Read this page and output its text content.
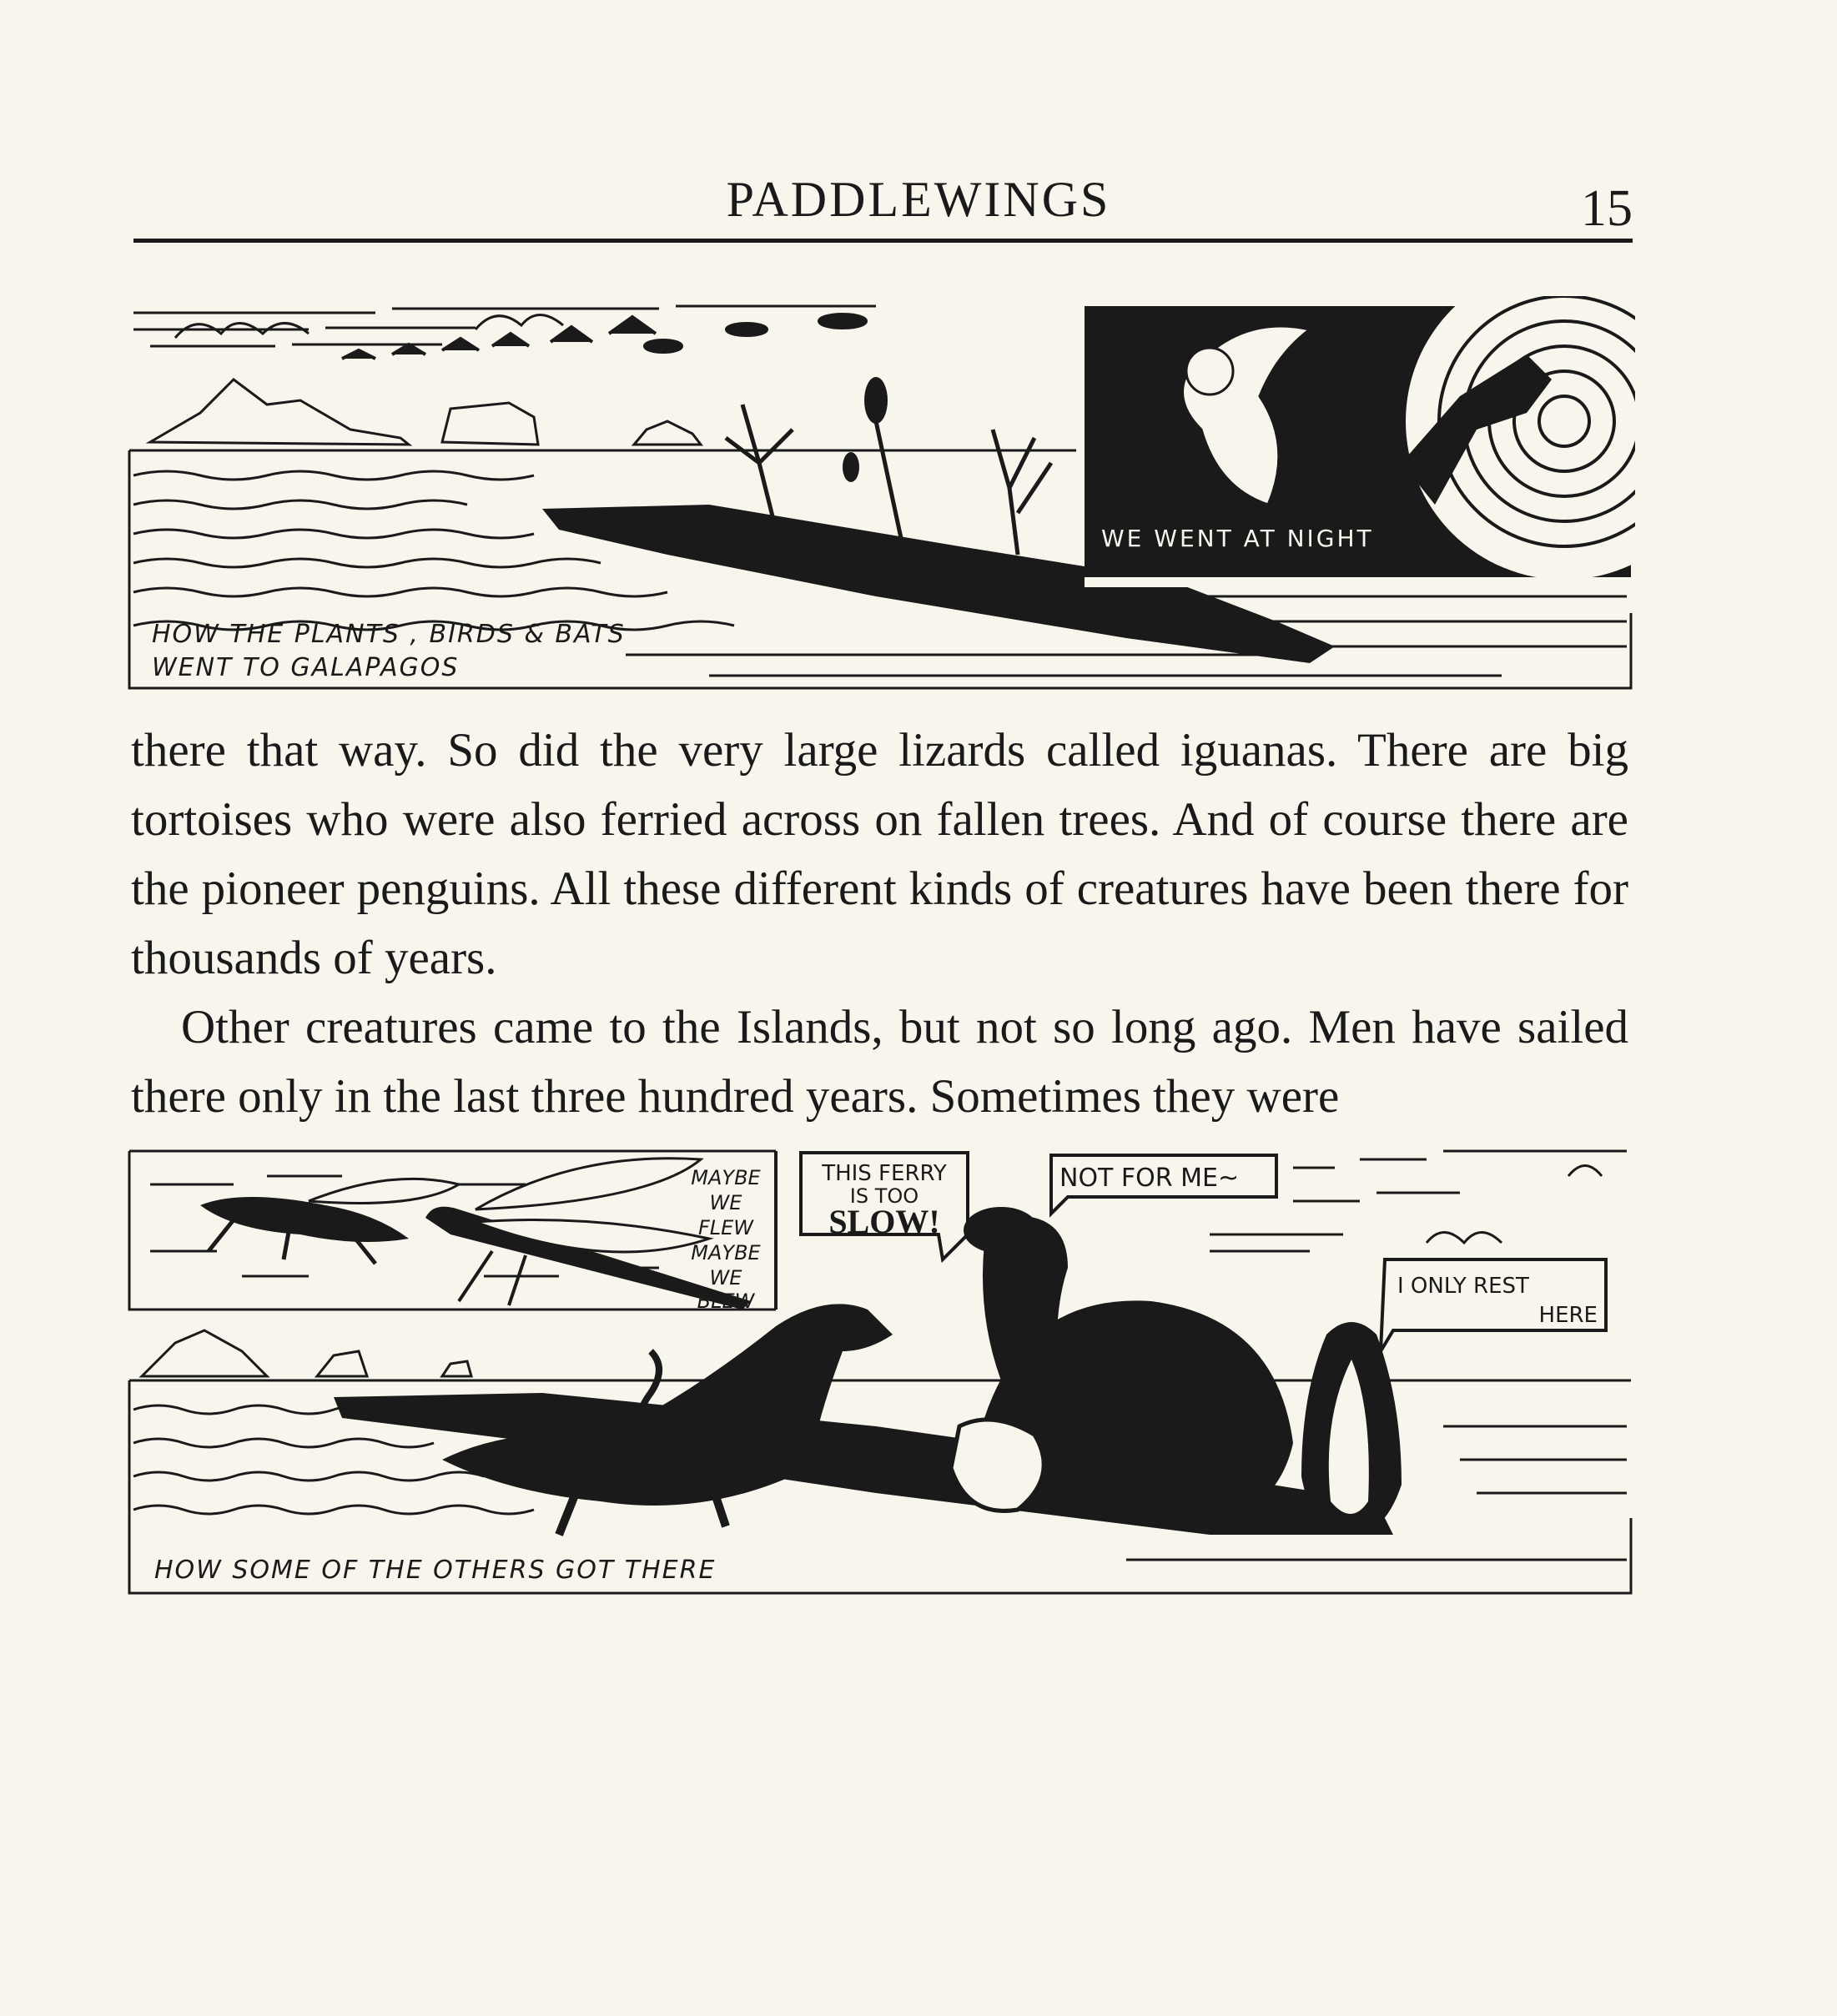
PADDLEWINGS	15
WE WENT AT NIGHT
HOW THE PLANTS , BIRDS & BATS
WENT TO GALAPAGOS

there that way. So did the very large lizards called iguanas. There are big tortoises who were also ferried across on fallen trees. And of course there are the pioneer penguins. All these different kinds of creatures have been there for thousands of years.

Other creatures came to the Islands, but not so long ago. Men have sailed there only in the last three hundred years. Sometimes they were

MAYBE
WE
FLEW
MAYBE
WE
BLEW
THIS FERRY
IS TOO
SLOW!
NOT FOR ME~
I ONLY REST
HERE
HOW SOME OF THE OTHERS GOT THERE
